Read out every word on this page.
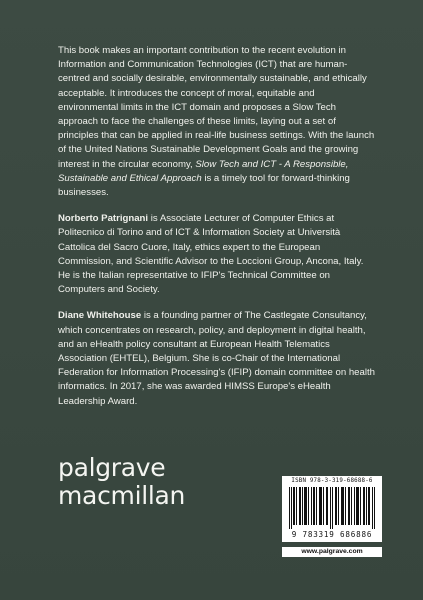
This book makes an important contribution to the recent evolution in Information and Communication Technologies (ICT) that are human-centred and socially desirable, environmentally sustainable, and ethically acceptable. It introduces the concept of moral, equitable and environmental limits in the ICT domain and proposes a Slow Tech approach to face the challenges of these limits, laying out a set of principles that can be applied in real-life business settings. With the launch of the United Nations Sustainable Development Goals and the growing interest in the circular economy, Slow Tech and ICT - A Responsible, Sustainable and Ethical Approach is a timely tool for forward-thinking businesses.

Norberto Patrignani is Associate Lecturer of Computer Ethics at Politecnico di Torino and of ICT & Information Society at Università Cattolica del Sacro Cuore, Italy, ethics expert to the European Commission, and Scientific Advisor to the Loccioni Group, Ancona, Italy. He is the Italian representative to IFIP's Technical Committee on Computers and Society.

Diane Whitehouse is a founding partner of The Castlegate Consultancy, which concentrates on research, policy, and deployment in digital health, and an eHealth policy consultant at European Health Telematics Association (EHTEL), Belgium. She is co-Chair of the International Federation for Information Processing's (IFIP) domain committee on health informatics. In 2017, she was awarded HIMSS Europe's eHealth Leadership Award.

palgrave
macmillan	ISBN 978-3-319-68688-6
9 783319 686886
www.palgrave.com
